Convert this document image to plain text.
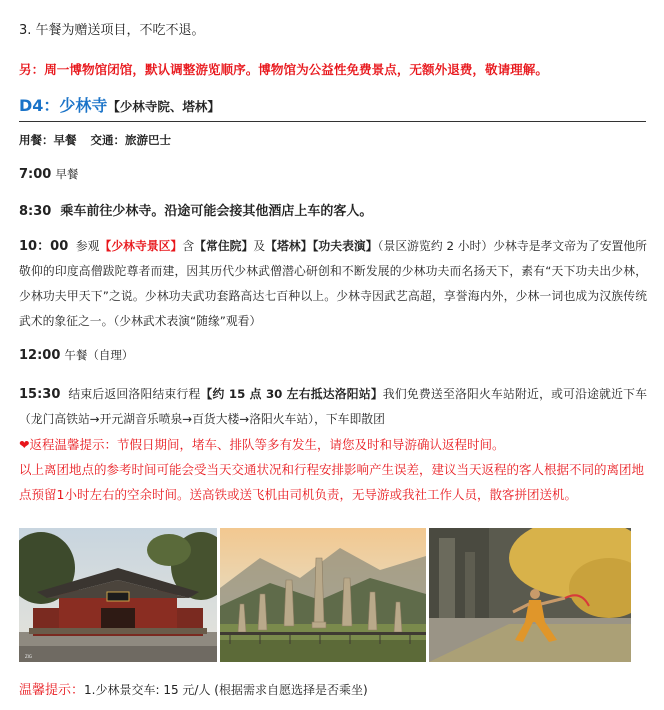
3. 午餐为赠送项目，不吃不退。
另：周一博物馆闭馆，默认调整游览顺序。博物馆为公益性免费景点，无额外退费，敬请理解。
D4：少林寺【少林寺院、塔林】
用餐：早餐 交通：旅游巴士
7:00 早餐
8:30 乘车前往少林寺。沿途可能会接其他酒店上车的客人。
10：00 参观【少林寺景区】含【常住院】及【塔林】【功夫表演】（景区游览约 2 小时）少林寺是孝文帝为了安置他所敬仰的印度高僧跋陀尊者而建，因其历代少林武僧潜心研创和不断发展的少林功夫而名扬天下，素有“天下功夫出少林，少林功夫甲天下”之说。少林功夫武功套路高达七百种以上。少林寺因武艺高超，享誉海内外，少林一词也成为汉族传统武术的象征之一。（少林武术表演“随缘”观看）
12:00 午餐（自理）
15:30 结束后返回洛阳结束行程【约 15 点 30 左右抵达洛阳站】我们免费送至洛阳火车站附近，或可沿途就近下车（龙门高铁站→开元湖音乐喷泉→百货大楼→洛阳火车站），下车即散团
❤返程温馨提示：节假日期间，堵车、排队等多有发生，请您及时和导游确认返程时间。
以上离团地点的参考时间可能会受当天交通状况和行程安排影响产生误差，建议当天返程的客人根据不同的离团地点预留1小时左右的空余时间。送高铁或送飞机由司机负责，无导游或我社工作人员，散客拼团送机。
ZIG
温馨提示：1.少林景交车: 15 元/人 (根据需求自愿选择是否乘坐)
